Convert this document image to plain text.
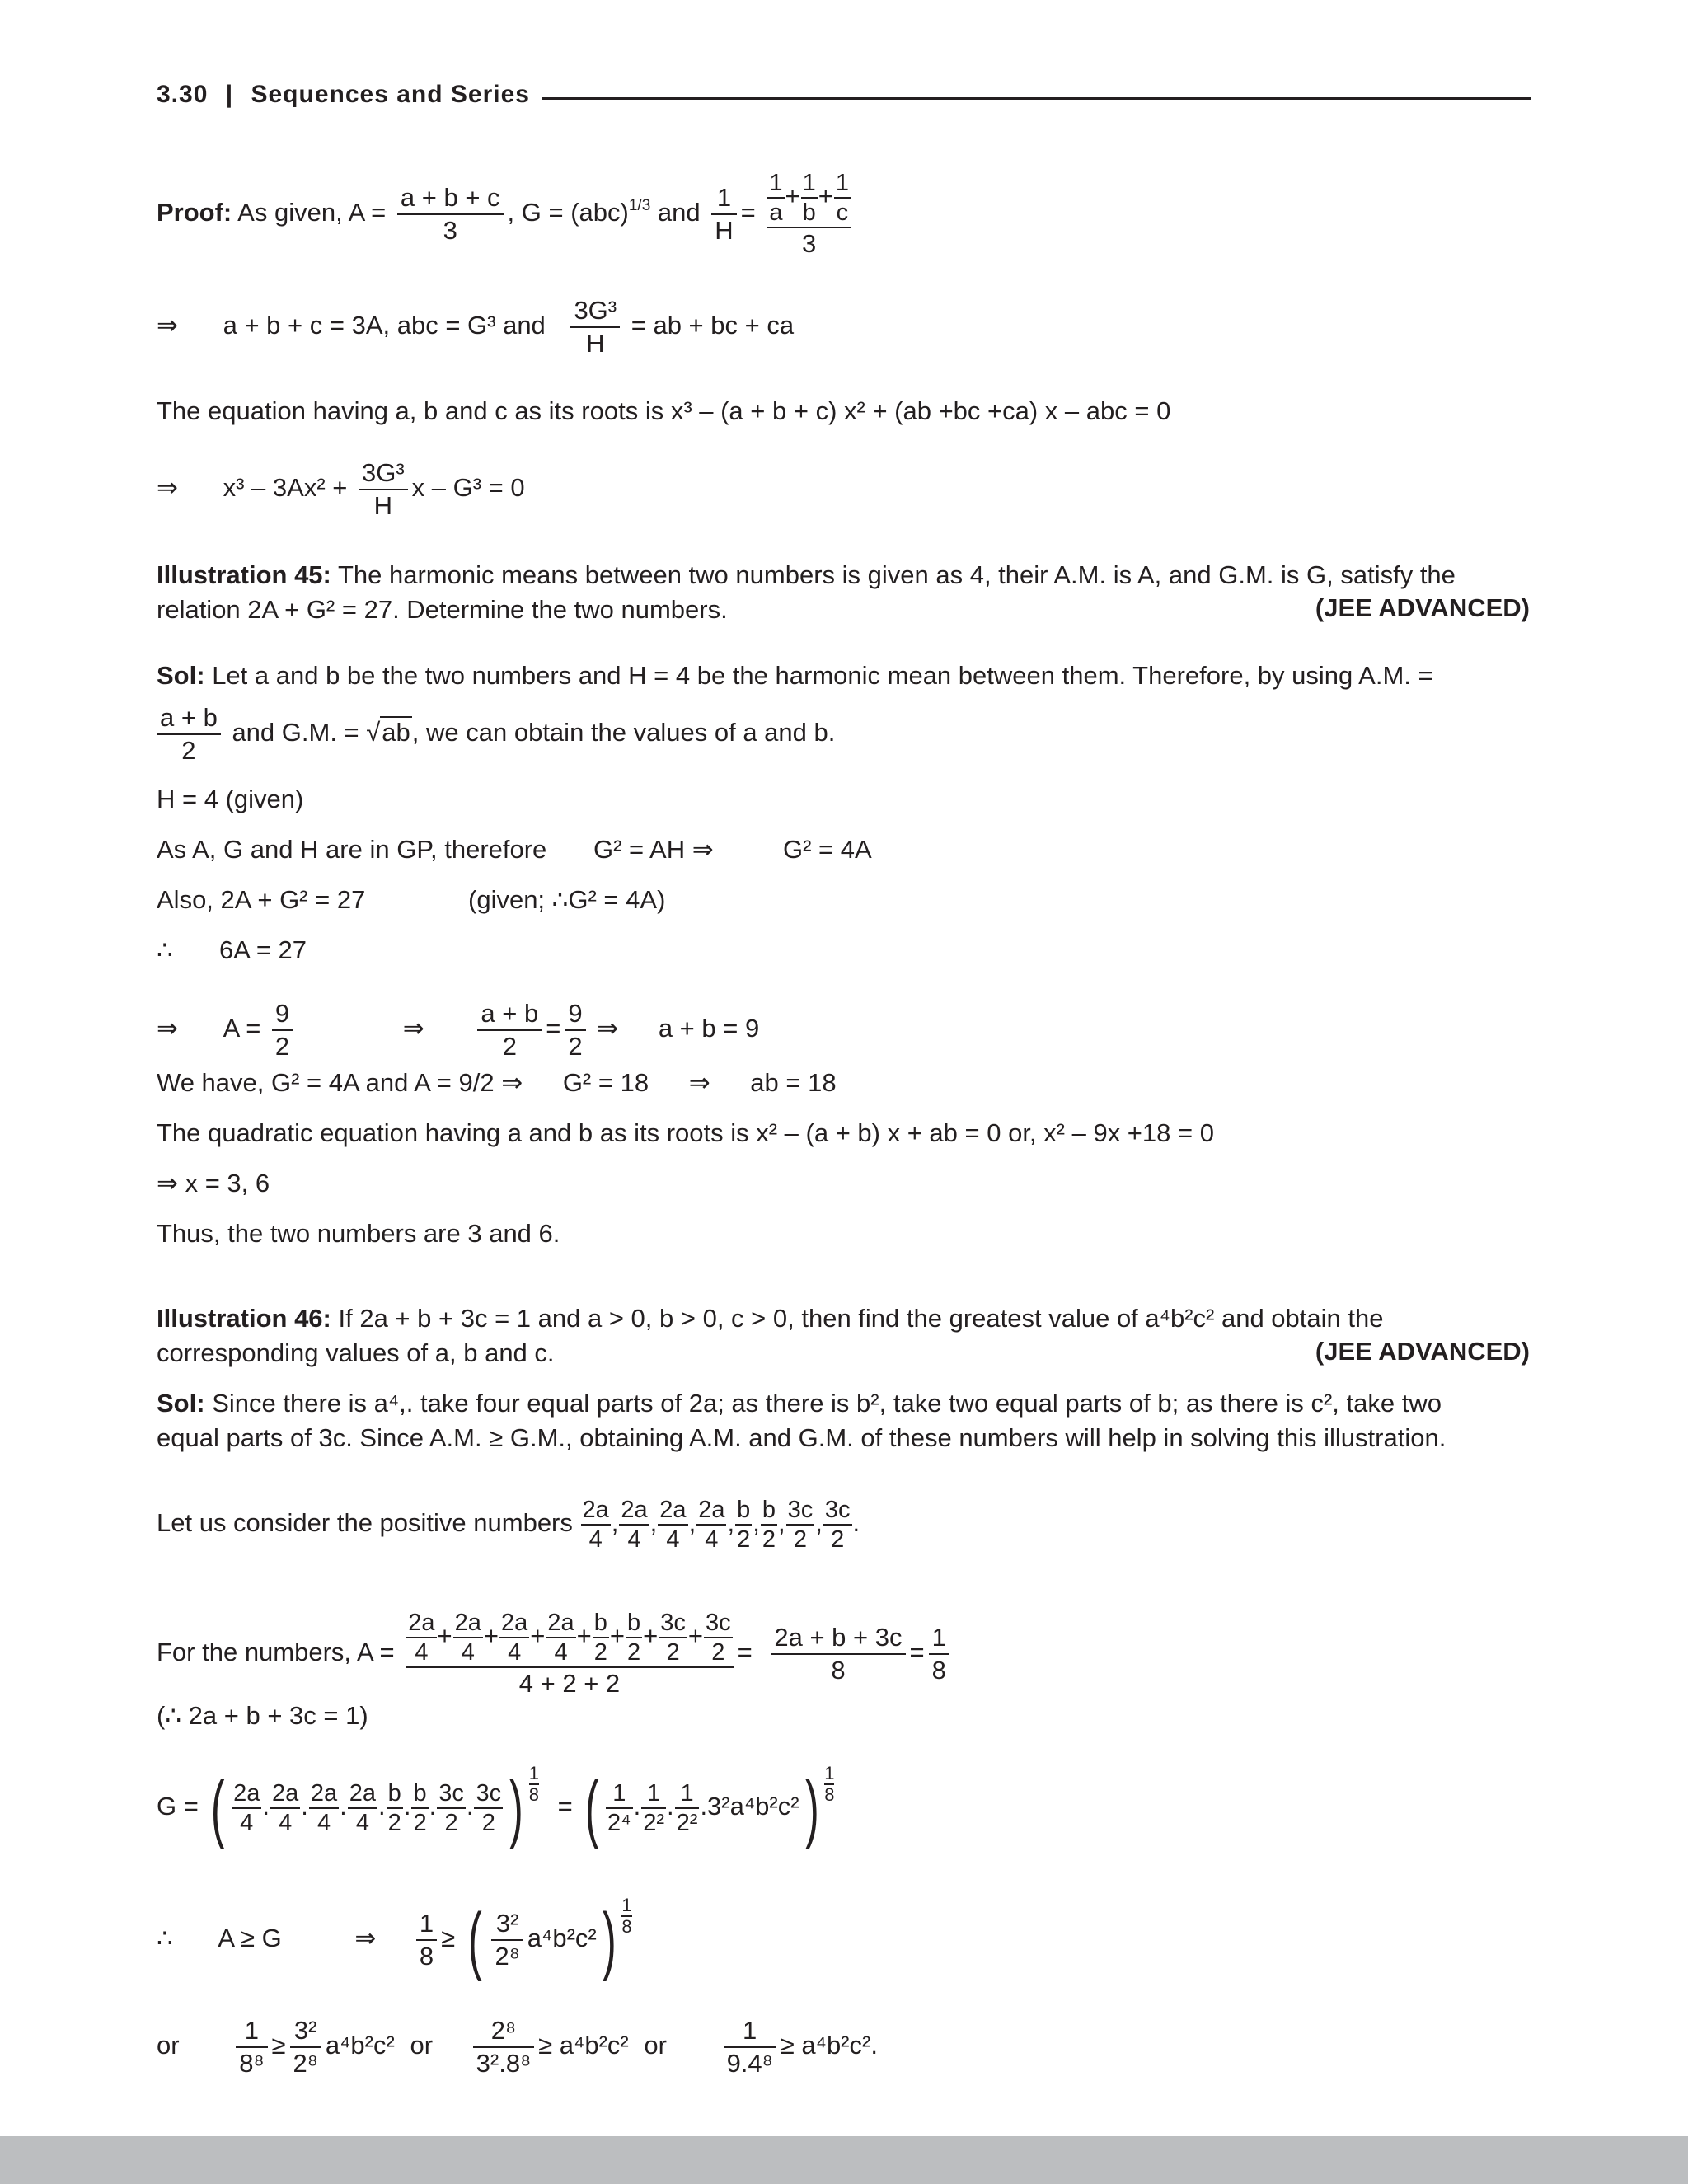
3.30 | Sequences and Series
Proof: As given, $A = \frac{a + b + c}{3}$ , G = (abc)$^{1/3}$ and $\frac{1}{H} = \frac{\frac{1}{a} + \frac{1}{b} + \frac{1}{c}}{3}$
⇒ a + b + c = 3A, abc = G³ and $\frac{\text{3G³}}{H}$ = ab + bc + ca
The equation having a, b and c as its roots is x³ – (a + b + c) x² + (ab +bc +ca) x – abc = 0
⇒ $x^3 - 3Ax^2 + \frac{\text{3G³}}{H}$ x – G³ = 0
Illustration 45: The harmonic means between two numbers is given as 4, their A.M. is A, and G.M. is G, satisfy the
relation 2A + G² = 27. Determine the two numbers.	(JEE ADVANCED)
Sol: Let a and b be the two numbers and H = 4 be the harmonic mean between them. Therefore, by using A.M. =
$\frac{a + b}{2}$ and G.M. = √ab, we can obtain the values of a and b.
H = 4 (given)
As A, G and H are in GP, therefore G² = AH ⇒	G² = 4A
Also, 2A + G² = 27	(given; ∴G² = 4A)
∴ 6A = 27
⇒ $A = \frac{9}{2}$	⇒ $\frac{a + b}{2} = \frac{9}{2}$ ⇒ a + b = 9
We have, G² = 4A and A = 9/2 ⇒ G² = 18 ⇒ ab = 18
The quadratic equation having a and b as its roots is x² – (a + b) x + ab = 0 or, x² – 9x +18 = 0
⇒ x = 3, 6
Thus, the two numbers are 3 and 6.
Illustration 46: If 2a + b + 3c = 1 and a > 0, b > 0, c > 0, then find the greatest value of a⁴b²c² and obtain the
corresponding values of a, b and c.	(JEE ADVANCED)
Sol: Since there is a⁴,. take four equal parts of 2a; as there is b², take two equal parts of b; as there is c², take two
equal parts of 3c. Since A.M. ≥ G.M., obtaining A.M. and G.M. of these numbers will help in solving this illustration.
Let us consider the positive numbers $\frac{2a}{4}$ , $\frac{2a}{4}$ , $\frac{2a}{4}$ , $\frac{2a}{4}$ , $\frac{b}{2}$ , $\frac{b}{2}$ , $\frac{3c}{2}$ , $\frac{3c}{2}$ .
For the numbers, $A = \frac{\frac{2a}{4} + \frac{2a}{4} + \frac{2a}{4} + \frac{2a}{4} + \frac{b}{2} + \frac{b}{2} + \frac{3c}{2} + \frac{3c}{2}}{4 + 2 + 2} = \frac{2a + b + 3c}{8} = \frac{1}{8}$
(∴ 2a + b + 3c = 1)
G = ( $\frac{2a}{4}$ . $\frac{2a}{4}$ . $\frac{2a}{4}$ . $\frac{2a}{4}$ . $\frac{b}{2}$ . $\frac{b}{2}$ . $\frac{3c}{2}$ . $\frac{3c}{2}$ ) $\frac{1}{8}$
= ( $\frac{1}{\text{2⁴}}$ . $\frac{1}{\text{2²}}$ . $\frac{1}{\text{2²}} .3^2a^4b^2c^2) \frac{1}{8}$
∴ A ≥ G	⇒ $\frac{1}{8}$ ≥ ( $\frac{\text{3²}}{\text{2⁸}} a^4b^2c^2) \frac{1}{8}$
or $\frac{1}{\text{8⁸}} \ge \frac{\text{3²}}{\text{2⁸}} a^4b^2c^2$ or $\frac{\text{2⁸}}{\text{3².8⁸}} \ge a^4b^2c^2$ or $\frac{1}{\text{9.4⁸}} \ge a^4b^2c^2$.
